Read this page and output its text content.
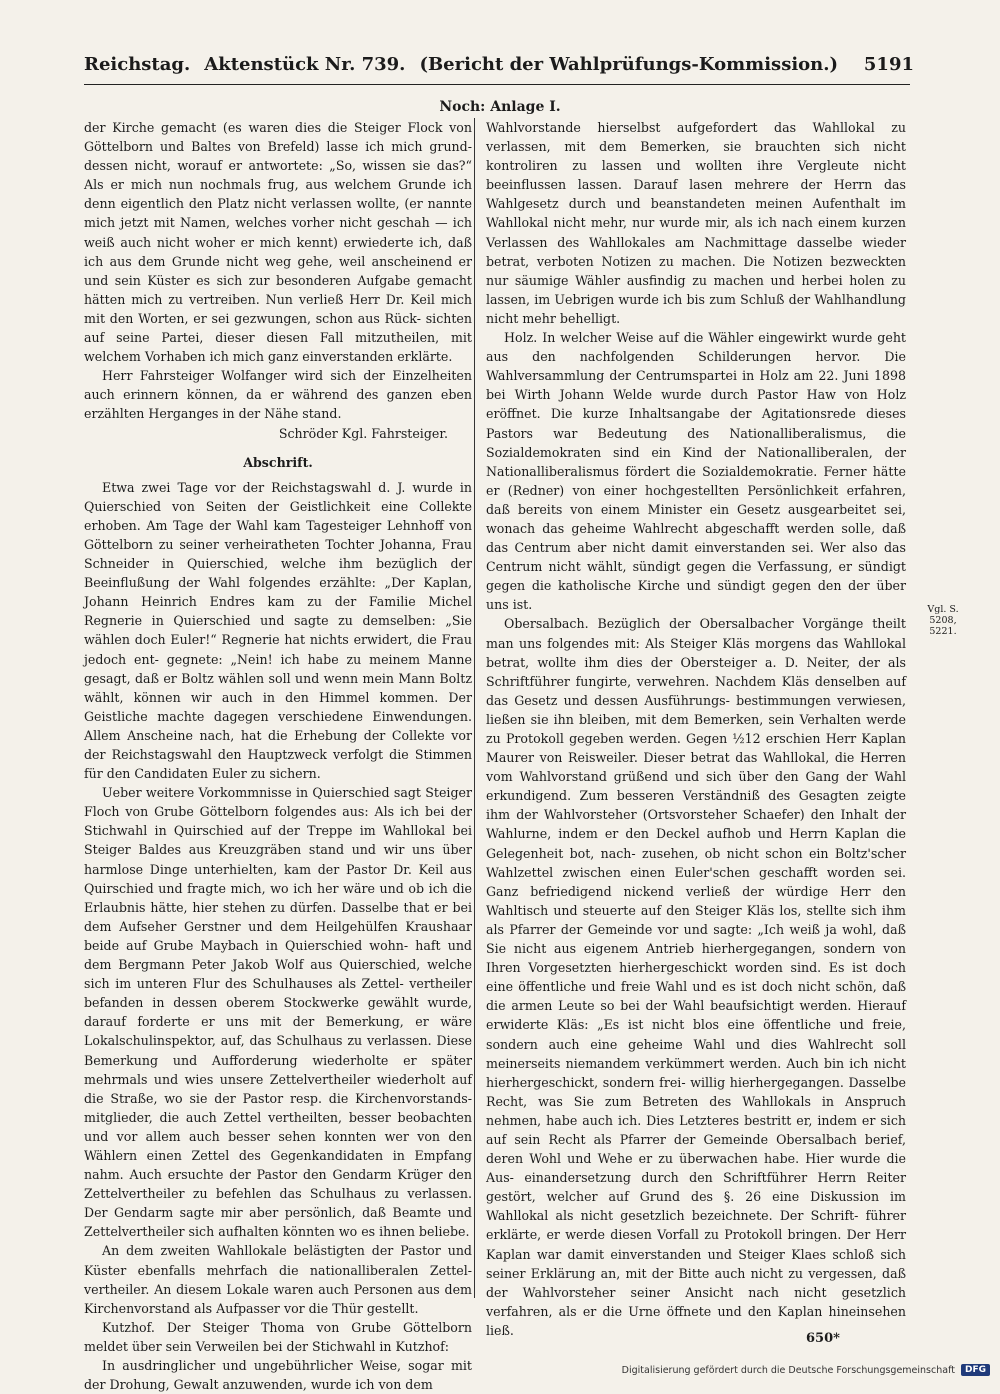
Reichstag. Aktenstück Nr. 739. (Bericht der Wahlprüfungs-Kommission.) 5191
Noch: Anlage I.

der Kirche gemacht (es waren dies die Steiger Flock von Göttelborn und Baltes von Brefeld) lasse ich mich grund- dessen nicht, worauf er antwortete: „So, wissen sie das?“ Als er mich nun nochmals frug, aus welchem Grunde ich denn eigentlich den Platz nicht verlassen wollte, (er nannte mich jetzt mit Namen, welches vorher nicht geschah — ich weiß auch nicht woher er mich kennt) erwiederte ich, daß ich aus dem Grunde nicht weg gehe, weil anscheinend er und sein Küster es sich zur besonderen Aufgabe gemacht hätten mich zu vertreiben. Nun verließ Herr Dr. Keil mich mit den Worten, er sei gezwungen, schon aus Rück- sichten auf seine Partei, dieser diesen Fall mitzutheilen, mit welchem Vorhaben ich mich ganz einverstanden erklärte.

Herr Fahrsteiger Wolfanger wird sich der Einzelheiten auch erinnern können, da er während des ganzen eben erzählten Herganges in der Nähe stand.

Schröder Kgl. Fahrsteiger.

Abschrift.

Etwa zwei Tage vor der Reichstagswahl d. J. wurde in Quierschied von Seiten der Geistlichkeit eine Collekte erhoben. Am Tage der Wahl kam Tagesteiger Lehnhoff von Göttelborn zu seiner verheiratheten Tochter Johanna, Frau Schneider in Quierschied, welche ihm bezüglich der Beeinflußung der Wahl folgendes erzählte: „Der Kaplan, Johann Heinrich Endres kam zu der Familie Michel Regnerie in Quierschied und sagte zu demselben: „Sie wählen doch Euler!“ Regnerie hat nichts erwidert, die Frau jedoch ent- gegnete: „Nein! ich habe zu meinem Manne gesagt, daß er Boltz wählen soll und wenn mein Mann Boltz wählt, können wir auch in den Himmel kommen. Der Geistliche machte dagegen verschiedene Einwendungen. Allem Anscheine nach, hat die Erhebung der Collekte vor der Reichstagswahl den Hauptzweck verfolgt die Stimmen für den Candidaten Euler zu sichern.

Ueber weitere Vorkommnisse in Quierschied sagt Steiger Floch von Grube Göttelborn folgendes aus: Als ich bei der Stichwahl in Quirschied auf der Treppe im Wahllokal bei Steiger Baldes aus Kreuzgräben stand und wir uns über harmlose Dinge unterhielten, kam der Pastor Dr. Keil aus Quirschied und fragte mich, wo ich her wäre und ob ich die Erlaubnis hätte, hier stehen zu dürfen. Dasselbe that er bei dem Aufseher Gerstner und dem Heilgehülfen Kraushaar beide auf Grube Maybach in Quierschied wohn- haft und dem Bergmann Peter Jakob Wolf aus Quierschied, welche sich im unteren Flur des Schulhauses als Zettel- vertheiler befanden in dessen oberem Stockwerke gewählt wurde, darauf forderte er uns mit der Bemerkung, er wäre Lokalschulinspektor, auf, das Schulhaus zu verlassen. Diese Bemerkung und Aufforderung wiederholte er später mehrmals und wies unsere Zettelvertheiler wiederholt auf die Straße, wo sie der Pastor resp. die Kirchenvorstands- mitglieder, die auch Zettel vertheilten, besser beobachten und vor allem auch besser sehen konnten wer von den Wählern einen Zettel des Gegenkandidaten in Empfang nahm. Auch ersuchte der Pastor den Gendarm Krüger den Zettelvertheiler zu befehlen das Schulhaus zu verlassen. Der Gendarm sagte mir aber persönlich, daß Beamte und Zettelvertheiler sich aufhalten könnten wo es ihnen beliebe.

An dem zweiten Wahllokale belästigten der Pastor und Küster ebenfalls mehrfach die nationalliberalen Zettel- vertheiler. An diesem Lokale waren auch Personen aus dem Kirchenvorstand als Aufpasser vor die Thür gestellt.

Kutzhof. Der Steiger Thoma von Grube Göttelborn meldet über sein Verweilen bei der Stichwahl in Kutzhof:

In ausdringlicher und ungebührlicher Weise, sogar mit der Drohung, Gewalt anzuwenden, wurde ich von dem

Wahlvorstande hierselbst aufgefordert das Wahllokal zu verlassen, mit dem Bemerken, sie brauchten sich nicht kontroliren zu lassen und wollten ihre Vergleute nicht beeinflussen lassen. Darauf lasen mehrere der Herrn das Wahlgesetz durch und beanstandeten meinen Aufenthalt im Wahllokal nicht mehr, nur wurde mir, als ich nach einem kurzen Verlassen des Wahllokales am Nachmittage dasselbe wieder betrat, verboten Notizen zu machen. Die Notizen bezweckten nur säumige Wähler ausfindig zu machen und herbei holen zu lassen, im Uebrigen wurde ich bis zum Schluß der Wahlhandlung nicht mehr behelligt.

Holz. In welcher Weise auf die Wähler eingewirkt wurde geht aus den nachfolgenden Schilderungen hervor. Die Wahlversammlung der Centrumspartei in Holz am 22. Juni 1898 bei Wirth Johann Welde wurde durch Pastor Haw von Holz eröffnet. Die kurze Inhaltsangabe der Agitationsrede dieses Pastors war Bedeutung des Nationalliberalismus, die Sozialdemokraten sind ein Kind der Nationalliberalen, der Nationalliberalismus fördert die Sozialdemokratie. Ferner hätte er (Redner) von einer hochgestellten Persönlichkeit erfahren, daß bereits von einem Minister ein Gesetz ausgearbeitet sei, wonach das geheime Wahlrecht abgeschafft werden solle, daß das Centrum aber nicht damit einverstanden sei. Wer also das Centrum nicht wählt, sündigt gegen die Verfassung, er sündigt gegen die katholische Kirche und sündigt gegen den der über uns ist.

Obersalbach. Bezüglich der Obersalbacher Vorgänge theilt man uns folgendes mit: Als Steiger Kläs morgens das Wahllokal betrat, wollte ihm dies der Obersteiger a. D. Neiter, der als Schriftführer fungirte, verwehren. Nachdem Kläs denselben auf das Gesetz und dessen Ausführungs- bestimmungen verwiesen, ließen sie ihn bleiben, mit dem Bemerken, sein Verhalten werde zu Protokoll gegeben werden. Gegen ½12 erschien Herr Kaplan Maurer von Reisweiler. Dieser betrat das Wahllokal, die Herren vom Wahlvorstand grüßend und sich über den Gang der Wahl erkundigend. Zum besseren Verständniß des Gesagten zeigte ihm der Wahlvorsteher (Ortsvorsteher Schaefer) den Inhalt der Wahlurne, indem er den Deckel aufhob und Herrn Kaplan die Gelegenheit bot, nach- zusehen, ob nicht schon ein Boltz'scher Wahlzettel zwischen einen Euler'schen geschafft worden sei. Ganz befriedigend nickend verließ der würdige Herr den Wahltisch und steuerte auf den Steiger Kläs los, stellte sich ihm als Pfarrer der Gemeinde vor und sagte: „Ich weiß ja wohl, daß Sie nicht aus eigenem Antrieb hierhergegangen, sondern von Ihren Vorgesetzten hierhergeschickt worden sind. Es ist doch eine öffentliche und freie Wahl und es ist doch nicht schön, daß die armen Leute so bei der Wahl beaufsichtigt werden. Hierauf erwiderte Kläs: „Es ist nicht blos eine öffentliche und freie, sondern auch eine geheime Wahl und dies Wahlrecht soll meinerseits niemandem verkümmert werden. Auch bin ich nicht hierhergeschickt, sondern frei- willig hierhergegangen. Dasselbe Recht, was Sie zum Betreten des Wahllokals in Anspruch nehmen, habe auch ich. Dies Letzteres bestritt er, indem er sich auf sein Recht als Pfarrer der Gemeinde Obersalbach berief, deren Wohl und Wehe er zu überwachen habe. Hier wurde die Aus- einandersetzung durch den Schriftführer Herrn Reiter gestört, welcher auf Grund des §. 26 eine Diskussion im Wahllokal als nicht gesetzlich bezeichnete. Der Schrift- führer erklärte, er werde diesen Vorfall zu Protokoll bringen. Der Herr Kaplan war damit einverstanden und Steiger Klaes schloß sich seiner Erklärung an, mit der Bitte auch nicht zu vergessen, daß der Wahlvorsteher seiner Ansicht nach nicht gesetzlich verfahren, als er die Urne öffnete und den Kaplan hineinsehen ließ.

Vgl. S. 5208, 5221.
650*
Digitalisierung gefördert durch die Deutsche Forschungsgemeinschaft	DFG
